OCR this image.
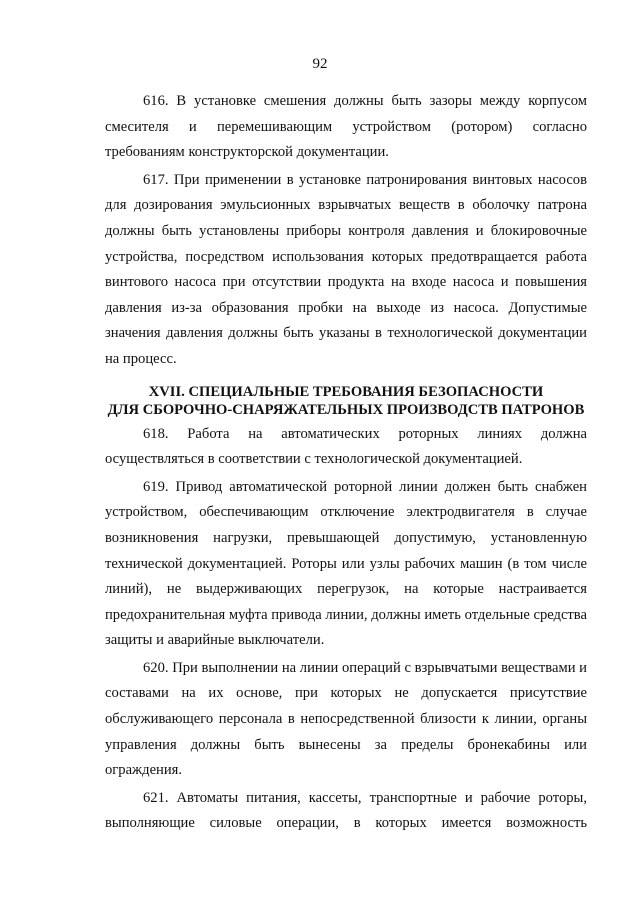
92

616. В установке смешения должны быть зазоры между корпусом смесителя и перемешивающим устройством (ротором) согласно требованиям конструкторской документации.

617. При применении в установке патронирования винтовых насосов для дозирования эмульсионных взрывчатых веществ в оболочку патрона должны быть установлены приборы контроля давления и блокировочные устройства, посредством использования которых предотвращается работа винтового насоса при отсутствии продукта на входе насоса и повышения давления из-за образования пробки на выходе из насоса. Допустимые значения давления должны быть указаны в технологической документации на процесс.

XVII. СПЕЦИАЛЬНЫЕ ТРЕБОВАНИЯ БЕЗОПАСНОСТИ
ДЛЯ СБОРОЧНО-СНАРЯЖАТЕЛЬНЫХ ПРОИЗВОДСТВ ПАТРОНОВ

618. Работа на автоматических роторных линиях должна осуществляться в соответствии с технологической документацией.

619. Привод автоматической роторной линии должен быть снабжен устройством, обеспечивающим отключение электродвигателя в случае возникновения нагрузки, превышающей допустимую, установленную технической документацией. Роторы или узлы рабочих машин (в том числе линий), не выдерживающих перегрузок, на которые настраивается предохранительная муфта привода линии, должны иметь отдельные средства защиты и аварийные выключатели.

620. При выполнении на линии операций с взрывчатыми веществами и составами на их основе, при которых не допускается присутствие обслуживающего персонала в непосредственной близости к линии, органы управления должны быть вынесены за пределы бронекабины или ограждения.

621. Автоматы питания, кассеты, транспортные и рабочие роторы, выполняющие силовые операции, в которых имеется возможность
